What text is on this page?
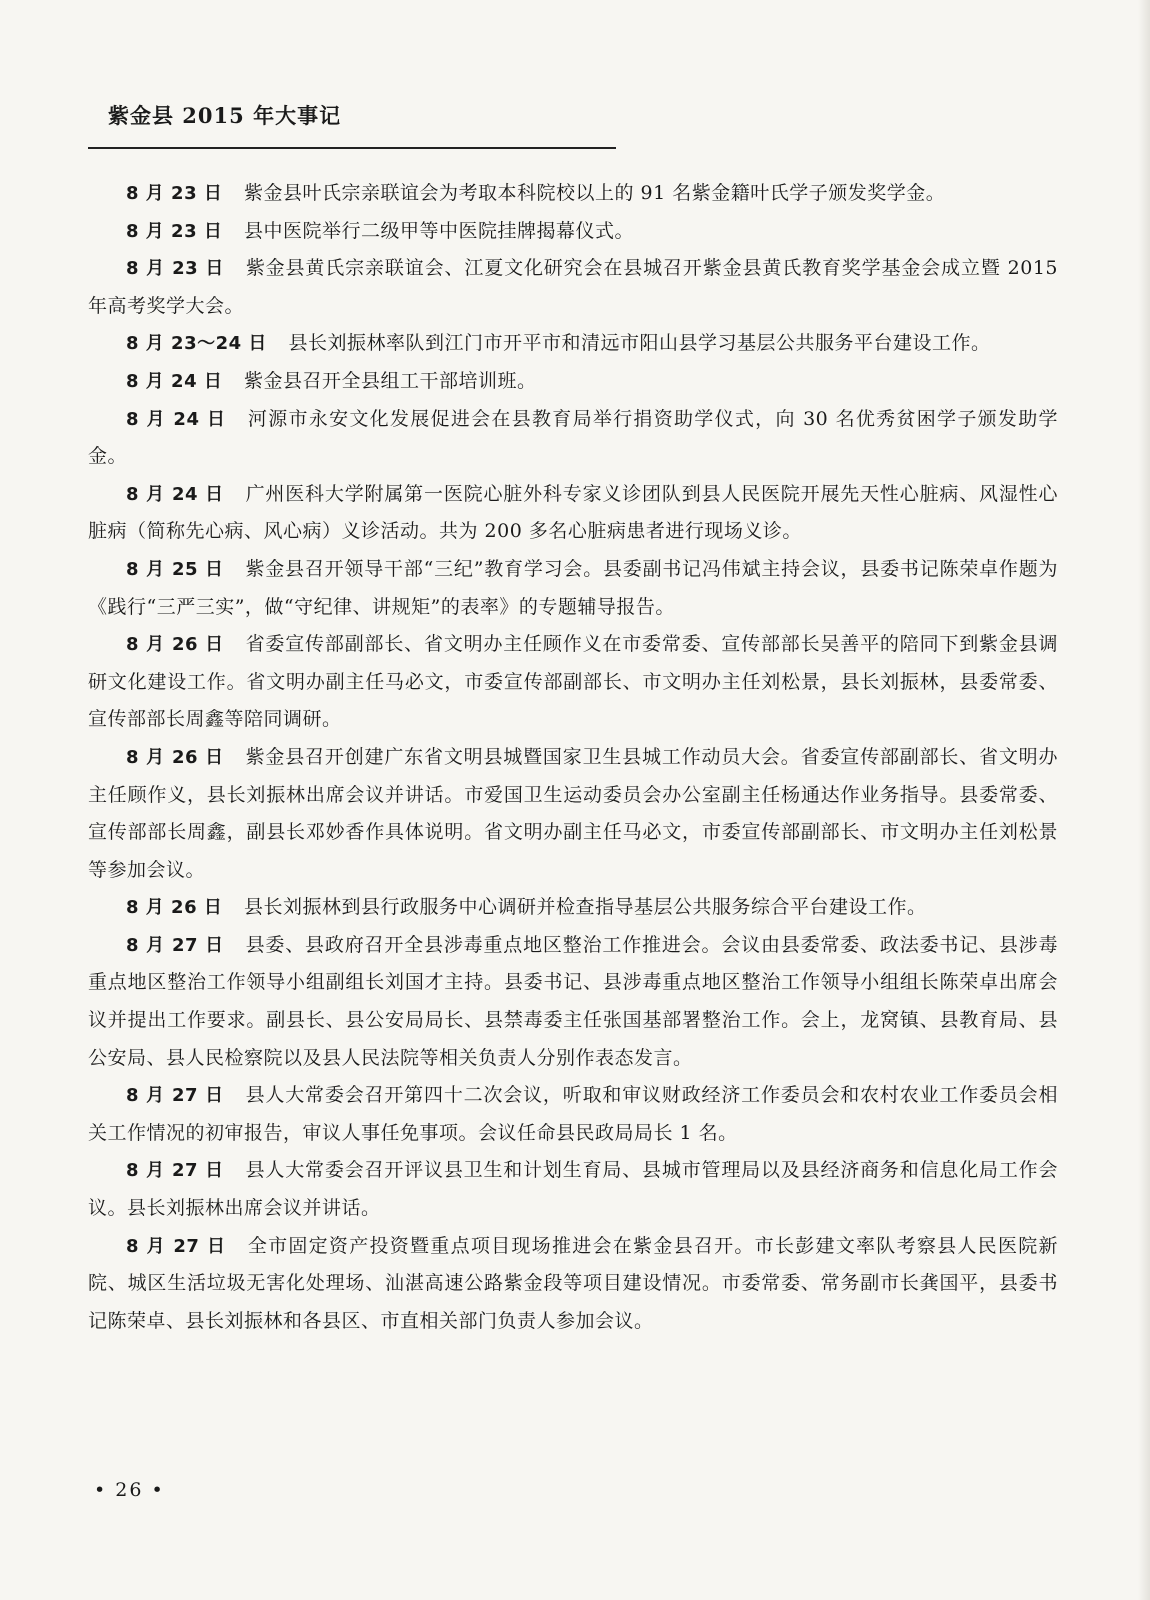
紫金县 2015 年大事记

8 月 23 日 紫金县叶氏宗亲联谊会为考取本科院校以上的 91 名紫金籍叶氏学子颁发奖学金。

8 月 23 日 县中医院举行二级甲等中医院挂牌揭幕仪式。

8 月 23 日 紫金县黄氏宗亲联谊会、江夏文化研究会在县城召开紫金县黄氏教育奖学基金会成立暨 2015 年高考奖学大会。

8 月 23～24 日 县长刘振林率队到江门市开平市和清远市阳山县学习基层公共服务平台建设工作。

8 月 24 日 紫金县召开全县组工干部培训班。

8 月 24 日 河源市永安文化发展促进会在县教育局举行捐资助学仪式，向 30 名优秀贫困学子颁发助学金。

8 月 24 日 广州医科大学附属第一医院心脏外科专家义诊团队到县人民医院开展先天性心脏病、风湿性心脏病（简称先心病、风心病）义诊活动。共为 200 多名心脏病患者进行现场义诊。

8 月 25 日 紫金县召开领导干部“三纪”教育学习会。县委副书记冯伟斌主持会议，县委书记陈荣卓作题为《践行“三严三实”，做“守纪律、讲规矩”的表率》的专题辅导报告。

8 月 26 日 省委宣传部副部长、省文明办主任顾作义在市委常委、宣传部部长吴善平的陪同下到紫金县调研文化建设工作。省文明办副主任马必文，市委宣传部副部长、市文明办主任刘松景，县长刘振林，县委常委、宣传部部长周鑫等陪同调研。

8 月 26 日 紫金县召开创建广东省文明县城暨国家卫生县城工作动员大会。省委宣传部副部长、省文明办主任顾作义，县长刘振林出席会议并讲话。市爱国卫生运动委员会办公室副主任杨通达作业务指导。县委常委、宣传部部长周鑫，副县长邓妙香作具体说明。省文明办副主任马必文，市委宣传部副部长、市文明办主任刘松景等参加会议。

8 月 26 日 县长刘振林到县行政服务中心调研并检查指导基层公共服务综合平台建设工作。

8 月 27 日 县委、县政府召开全县涉毒重点地区整治工作推进会。会议由县委常委、政法委书记、县涉毒重点地区整治工作领导小组副组长刘国才主持。县委书记、县涉毒重点地区整治工作领导小组组长陈荣卓出席会议并提出工作要求。副县长、县公安局局长、县禁毒委主任张国基部署整治工作。会上，龙窝镇、县教育局、县公安局、县人民检察院以及县人民法院等相关负责人分别作表态发言。

8 月 27 日 县人大常委会召开第四十二次会议，听取和审议财政经济工作委员会和农村农业工作委员会相关工作情况的初审报告，审议人事任免事项。会议任命县民政局局长 1 名。

8 月 27 日 县人大常委会召开评议县卫生和计划生育局、县城市管理局以及县经济商务和信息化局工作会议。县长刘振林出席会议并讲话。

8 月 27 日 全市固定资产投资暨重点项目现场推进会在紫金县召开。市长彭建文率队考察县人民医院新院、城区生活垃圾无害化处理场、汕湛高速公路紫金段等项目建设情况。市委常委、常务副市长龚国平，县委书记陈荣卓、县长刘振林和各县区、市直相关部门负责人参加会议。

• 26 •
